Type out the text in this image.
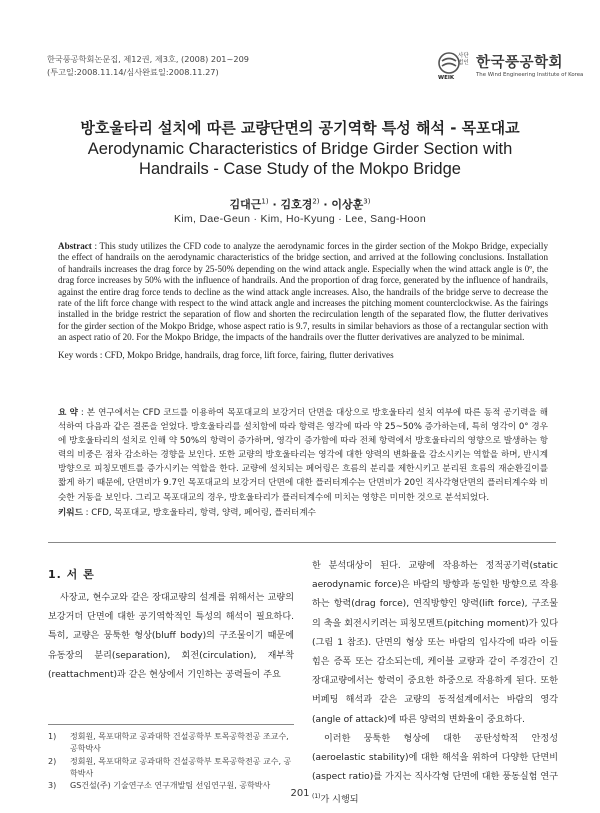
한국풍공학회논문집, 제12권, 제3호, (2008) 201~209
(투고일:2008.11.14/심사완료일:2008.11.27)
사단 법인 한국풍공학회
WEIK	The Wind Engineering Institute of Korea
방호울타리 설치에 따른 교량단면의 공기역학 특성 해석 - 목포대교
Aerodynamic Characteristics of Bridge Girder Section with Handrails - Case Study of the Mokpo Bridge
김대근$^{1)}$ · 김호경$^{2)}$ · 이상훈$^{3)}$
Kim, Dae-Geun · Kim, Ho-Kyung · Lee, Sang-Hoon

Abstract : This study utilizes the CFD code to analyze the aerodynamic forces in the girder section of the Mokpo Bridge, expecially the effect of handrails on the aerodynamic characteristics of the bridge section, and arrived at the following conclusions. Installation of handrails increases the drag force by 25-50% depending on the wind attack angle. Especially when the wind attack angle is 0º, the drag force increases by 50% with the influence of handrails. And the proportion of drag force, generated by the influence of handrails, against the entire drag force tends to decline as the wind attack angle increases. Also, the handrails of the bridge serve to decrease the rate of the lift force change with respect to the wind attack angle and increases the pitching moment counterclockwise. As the fairings installed in the bridge restrict the separation of flow and shorten the recirculation length of the separated flow, the flutter derivatives for the girder section of the Mokpo Bridge, whose aspect ratio is 9.7, results in similar behaviors as those of a rectangular section with an aspect ratio of 20. For the Mokpo Bridge, the impacts of the handrails over the flutter derivatives are analyzed to be minimal.

Key words : CFD, Mokpo Bridge, handrails, drag force, lift force, fairing, flutter derivatives

요 약 : 본 연구에서는 CFD 코드를 이용하여 목포대교의 보강거더 단면을 대상으로 방호울타리 설치 여부에 따른 동적 공기력을 해석하여 다음과 같은 결론을 얻었다. 방호울타리를 설치함에 따라 항력은 영각에 따라 약 25~50% 증가하는데, 특히 영각이 0° 경우에 방호울타리의 설치로 인해 약 50%의 항력이 증가하며, 영각이 증가함에 따라 전체 항력에서 방호울타리의 영향으로 발생하는 항력의 비중은 점차 감소하는 경향을 보인다. 또한 교량의 방호울타리는 영각에 대한 양력의 변화율을 감소시키는 역할을 하며, 반시계방향으로 피칭모멘트를 증가시키는 역할을 한다. 교량에 설치되는 페어링은 흐름의 분리를 제한시키고 분리된 흐름의 재순환길이를 짧게 하기 때문에, 단면비가 9.7인 목포대교의 보강거더 단면에 대한 플러터계수는 단면비가 20인 직사각형단면의 플러터계수와 비슷한 거동을 보인다. 그리고 목포대교의 경우, 방호울타리가 플러터계수에 미치는 영향은 미미한 것으로 분석되었다.

키워드 : CFD, 목포대교, 방호울타리, 항력, 양력, 페어링, 플러터계수
1. 서 론

사장교, 현수교와 같은 장대교량의 설계를 위해서는 교량의 보강거더 단면에 대한 공기역학적인 특성의 해석이 필요하다. 특히, 교량은 뭉툭한 형상(bluff body)의 구조물이기 때문에 유동장의 분리(separation), 회전(circulation), 재부착(reattachment)과 같은 현상에서 기인하는 공력들이 주요

한 분석대상이 된다. 교량에 작용하는 정적공기력(static aerodynamic force)은 바람의 방향과 동일한 방향으로 작용하는 항력(drag force), 연직방향인 양력(lift force), 구조물의 축을 회전시키려는 피칭모멘트(pitching moment)가 있다(그림 1 참조). 단면의 형상 또는 바람의 입사각에 따라 이들 힘은 증폭 또는 감소되는데, 케이블 교량과 같이 주경간이 긴 장대교량에서는 항력이 중요한 하중으로 작용하게 된다. 또한 버페팅 해석과 같은 교량의 동적설계에서는 바람의 영각(angle of attack)에 따른 양력의 변화율이 중요하다.

이러한 뭉툭한 형상에 대한 공탄성학적 안정성(aeroelastic stability)에 대한 해석을 위하여 다양한 단면비(aspect ratio)를 가지는 직사각형 단면에 대한 풍동실험 연구$^{(1)}$가 시행되

1) 정회원, 목포대학교 공과대학 건설공학부 토목공학전공 조교수, 공학박사
2) 정회원, 목포대학교 공과대학 건설공학부 토목공학전공 교수, 공학박사
3) GS건설(주) 기술연구소 연구개발팀 선임연구원, 공학박사
201
